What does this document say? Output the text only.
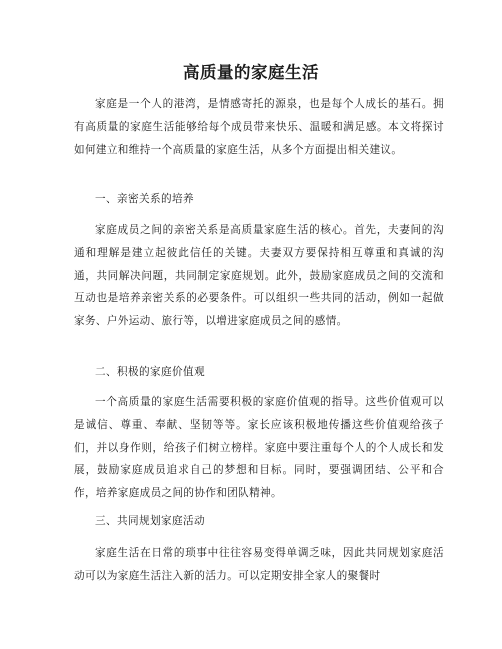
高质量的家庭生活
家庭是一个人的港湾，是情感寄托的源泉，也是每个人成长的基石。拥有高质量的家庭生活能够给每个成员带来快乐、温暖和满足感。本文将探讨如何建立和维持一个高质量的家庭生活，从多个方面提出相关建议。
一、亲密关系的培养
家庭成员之间的亲密关系是高质量家庭生活的核心。首先，夫妻间的沟通和理解是建立起彼此信任的关键。夫妻双方要保持相互尊重和真诚的沟通，共同解决问题，共同制定家庭规划。此外，鼓励家庭成员之间的交流和互动也是培养亲密关系的必要条件。可以组织一些共同的活动，例如一起做家务、户外运动、旅行等，以增进家庭成员之间的感情。
二、积极的家庭价值观
一个高质量的家庭生活需要积极的家庭价值观的指导。这些价值观可以是诚信、尊重、奉献、坚韧等等。家长应该积极地传播这些价值观给孩子们，并以身作则，给孩子们树立榜样。家庭中要注重每个人的个人成长和发展，鼓励家庭成员追求自己的梦想和目标。同时，要强调团结、公平和合作，培养家庭成员之间的协作和团队精神。
三、共同规划家庭活动
家庭生活在日常的琐事中往往容易变得单调乏味，因此共同规划家庭活动可以为家庭生活注入新的活力。可以定期安排全家人的聚餐时
